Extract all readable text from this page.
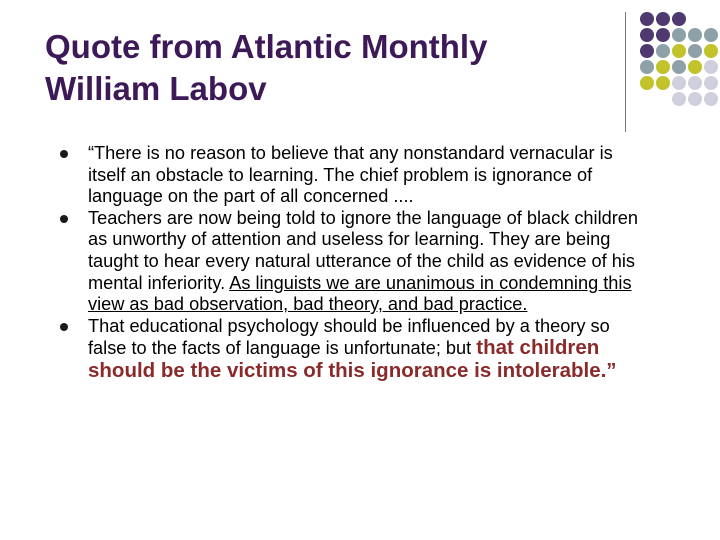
Quote from Atlantic Monthly
William Labov

“There is no reason to believe that any nonstandard vernacular is itself an obstacle to learning. The chief problem is ignorance of language on the part of all concerned ....

Teachers are now being told to ignore the language of black children as unworthy of attention and useless for learning. They are being taught to hear every natural utterance of the child as evidence of his mental inferiority. As linguists we are unanimous in condemning this view as bad observation, bad theory, and bad practice.

That educational psychology should be influenced by a theory so false to the facts of language is unfortunate; but that children should be the victims of this ignorance is intolerable.”
